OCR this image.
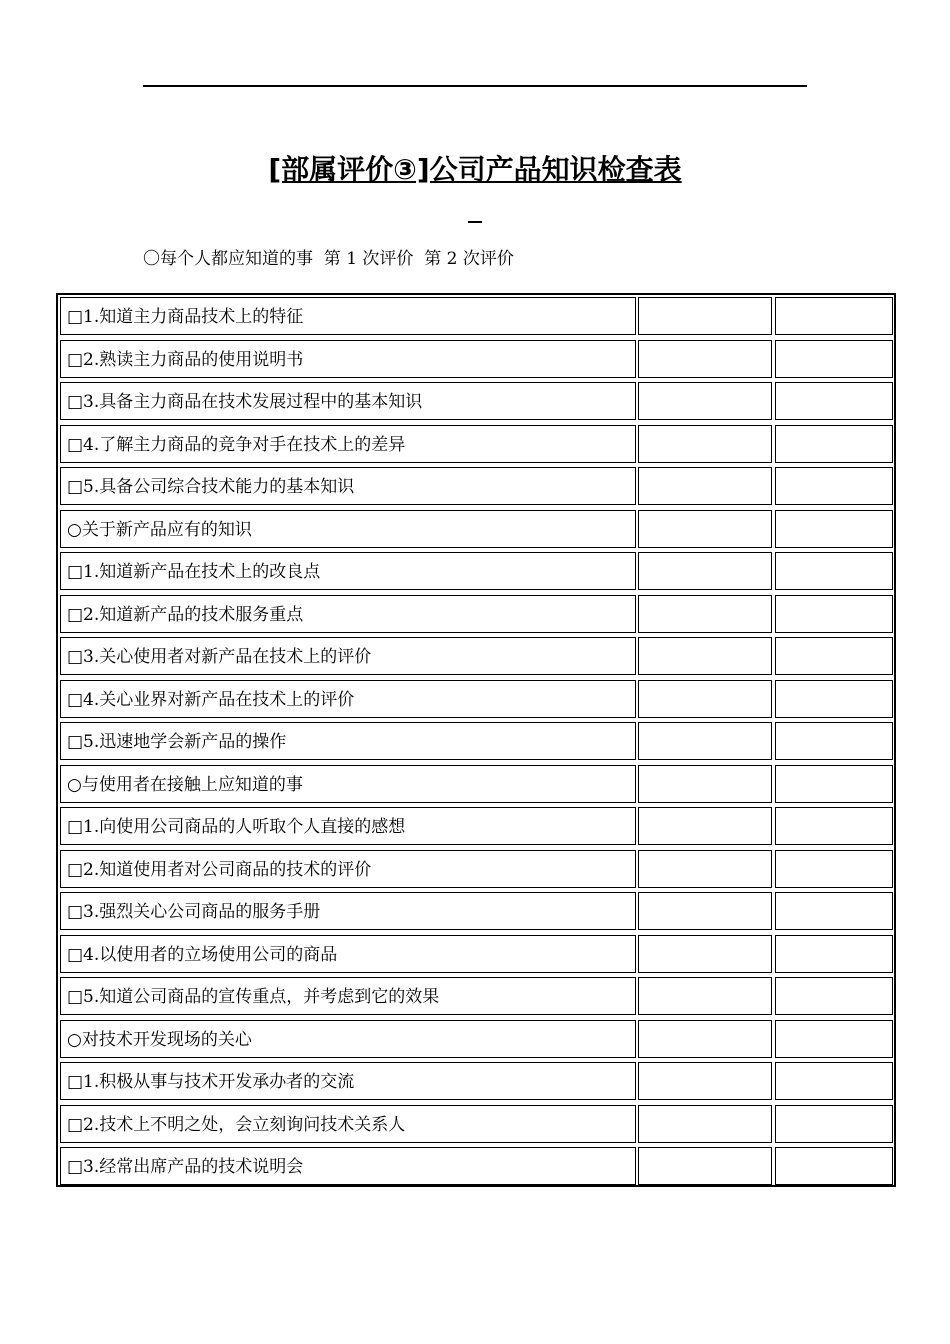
[部属评价③]公司产品知识检查表
〇每个人都应知道的事  第 1 次评价  第 2 次评价
□1.知道主力商品技术上的特征
□2.熟读主力商品的使用说明书
□3.具备主力商品在技术发展过程中的基本知识
□4.了解主力商品的竞争对手在技术上的差异
□5.具备公司综合技术能力的基本知识
○关于新产品应有的知识
□1.知道新产品在技术上的改良点
□2.知道新产品的技术服务重点
□3.关心使用者对新产品在技术上的评价
□4.关心业界对新产品在技术上的评价
□5.迅速地学会新产品的操作
○与使用者在接触上应知道的事
□1.向使用公司商品的人听取个人直接的感想
□2.知道使用者对公司商品的技术的评价
□3.强烈关心公司商品的服务手册
□4.以使用者的立场使用公司的商品
□5.知道公司商品的宣传重点，并考虑到它的效果
○对技术开发现场的关心
□1.积极从事与技术开发承办者的交流
□2.技术上不明之处，会立刻询问技术关系人
□3.经常出席产品的技术说明会
